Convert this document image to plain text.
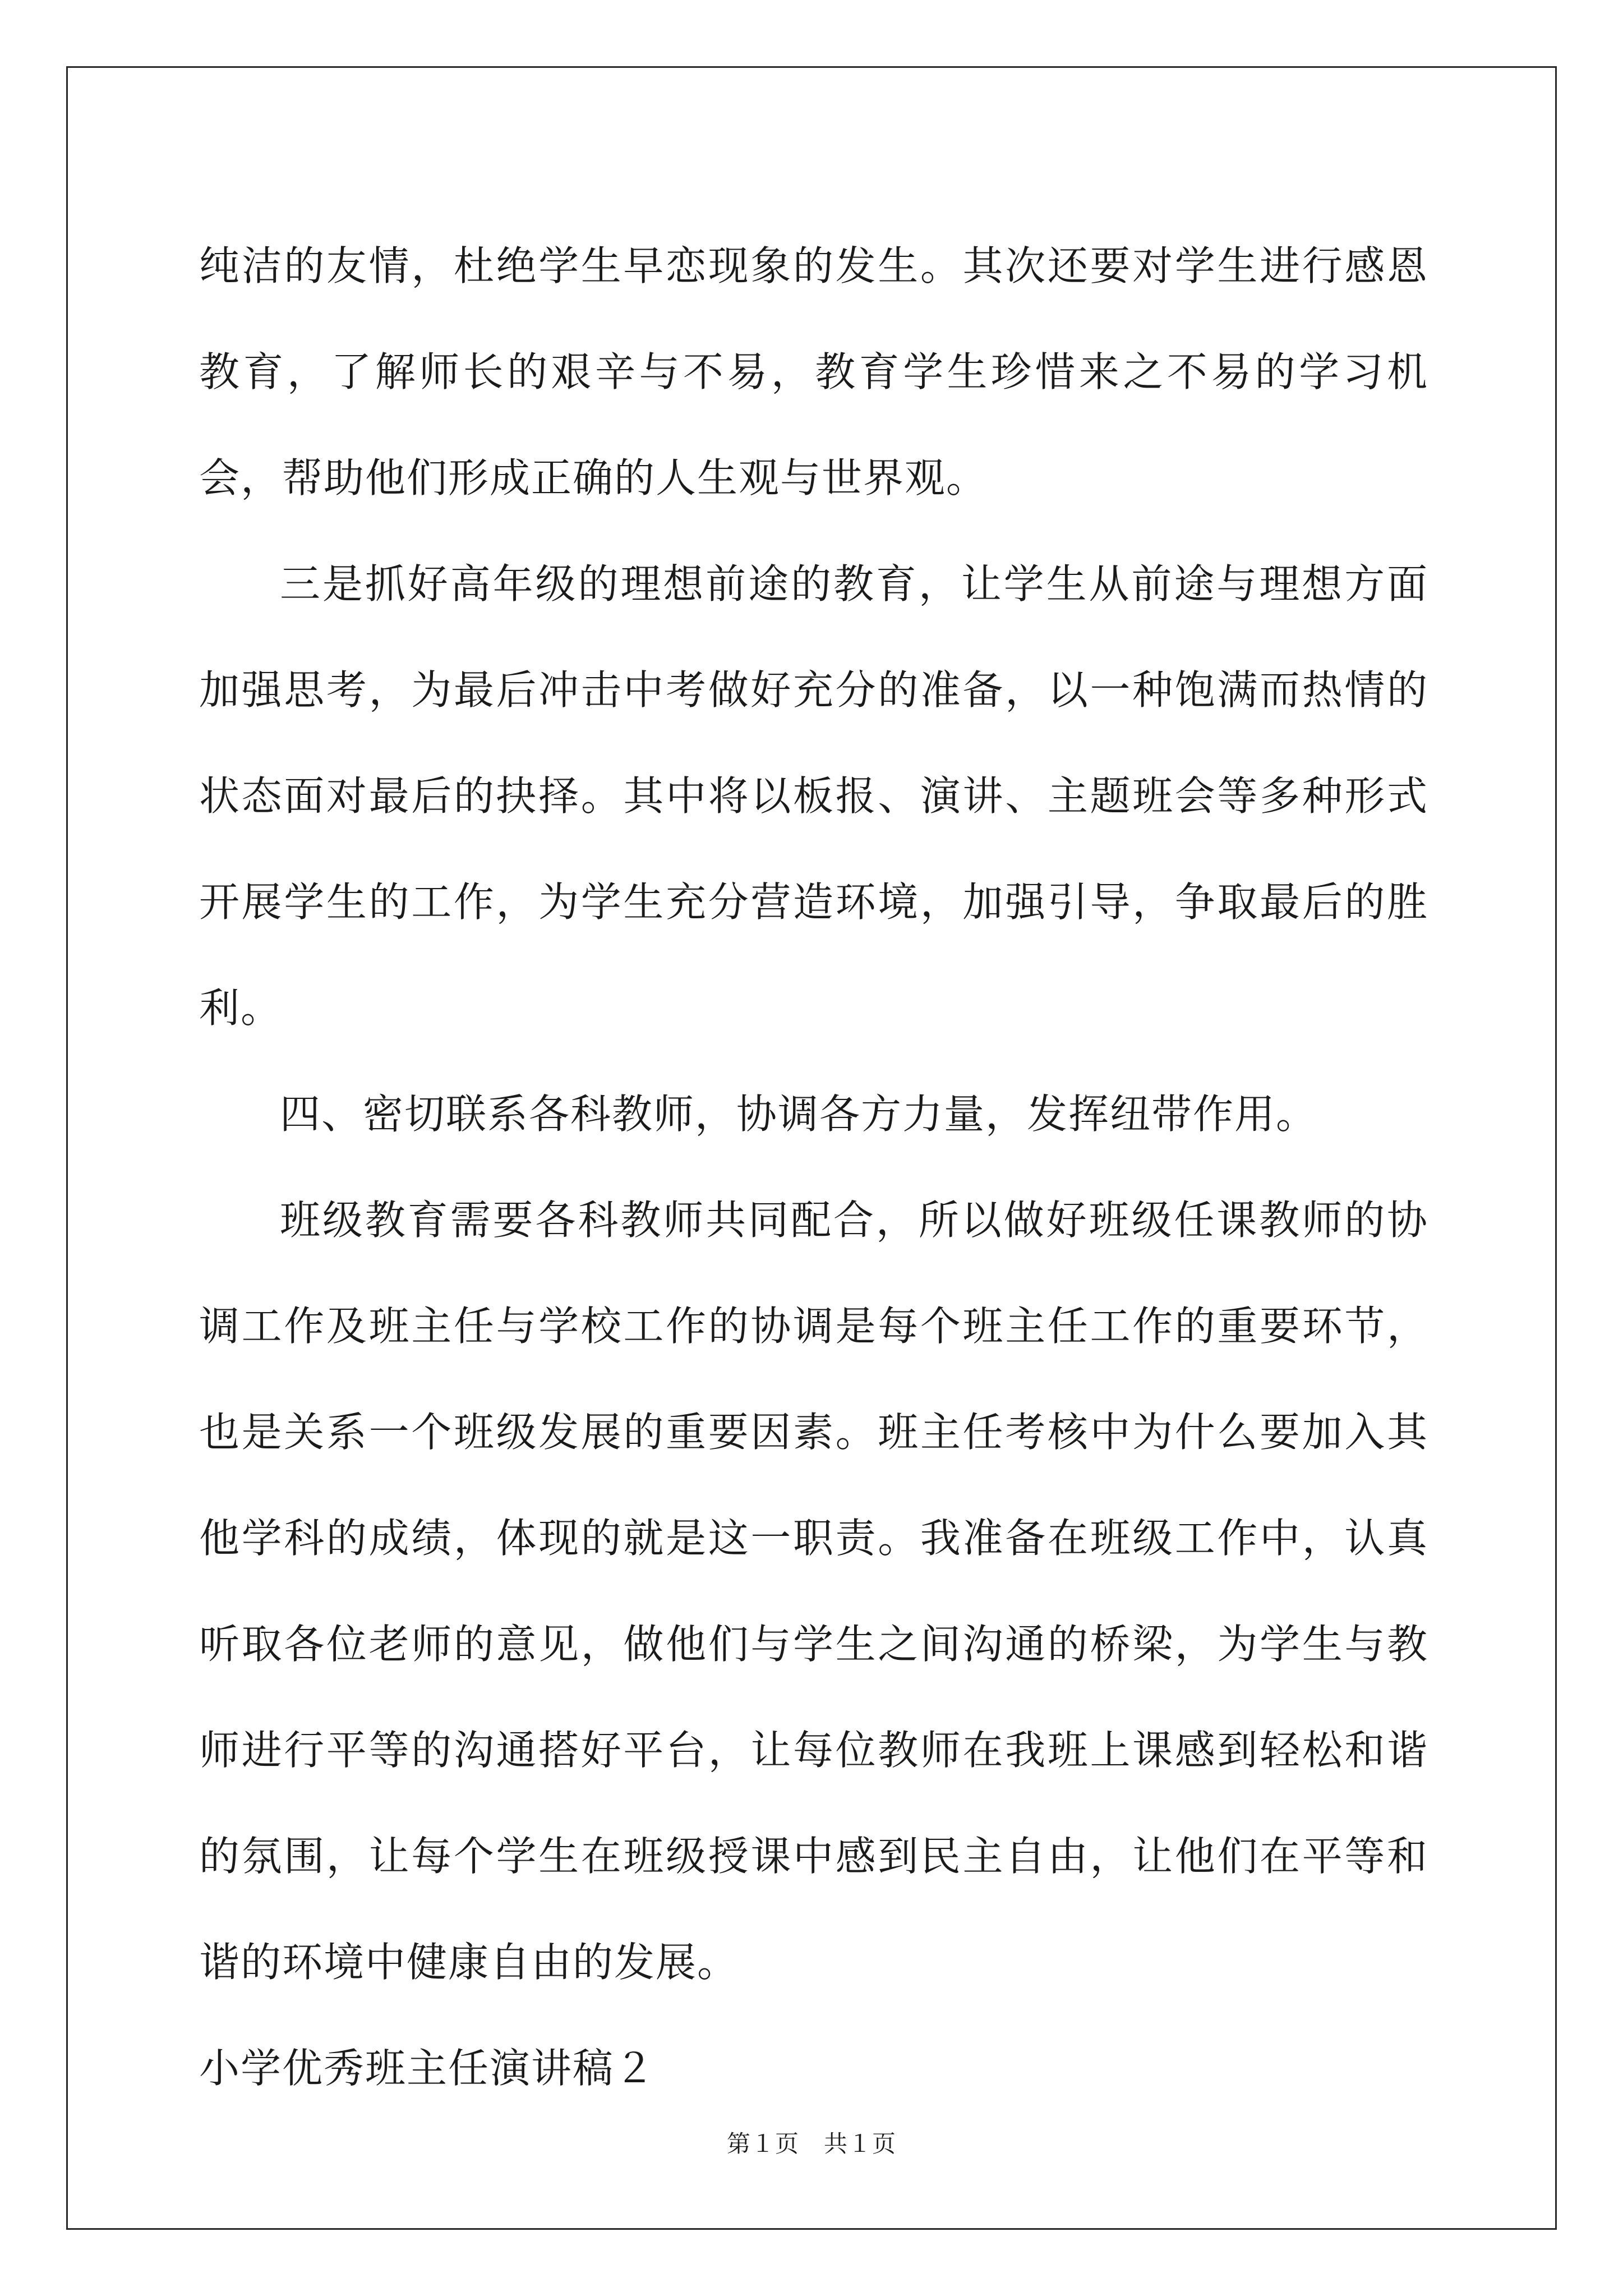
纯洁的友情，杜绝学生早恋现象的发生。其次还要对学生进行感恩教育，了解师长的艰辛与不易，教育学生珍惜来之不易的学习机会，帮助他们形成正确的人生观与世界观。

三是抓好高年级的理想前途的教育，让学生从前途与理想方面加强思考，为最后冲击中考做好充分的准备，以一种饱满而热情的状态面对最后的抉择。其中将以板报、演讲、主题班会等多种形式开展学生的工作，为学生充分营造环境，加强引导，争取最后的胜利。

四、密切联系各科教师，协调各方力量，发挥纽带作用。

班级教育需要各科教师共同配合，所以做好班级任课教师的协调工作及班主任与学校工作的协调是每个班主任工作的重要环节，也是关系一个班级发展的重要因素。班主任考核中为什么要加入其他学科的成绩，体现的就是这一职责。我准备在班级工作中，认真听取各位老师的意见，做他们与学生之间沟通的桥梁，为学生与教师进行平等的沟通搭好平台，让每位教师在我班上课感到轻松和谐的氛围，让每个学生在班级授课中感到民主自由，让他们在平等和谐的环境中健康自由的发展。

小学优秀班主任演讲稿２

第１页 共１页
